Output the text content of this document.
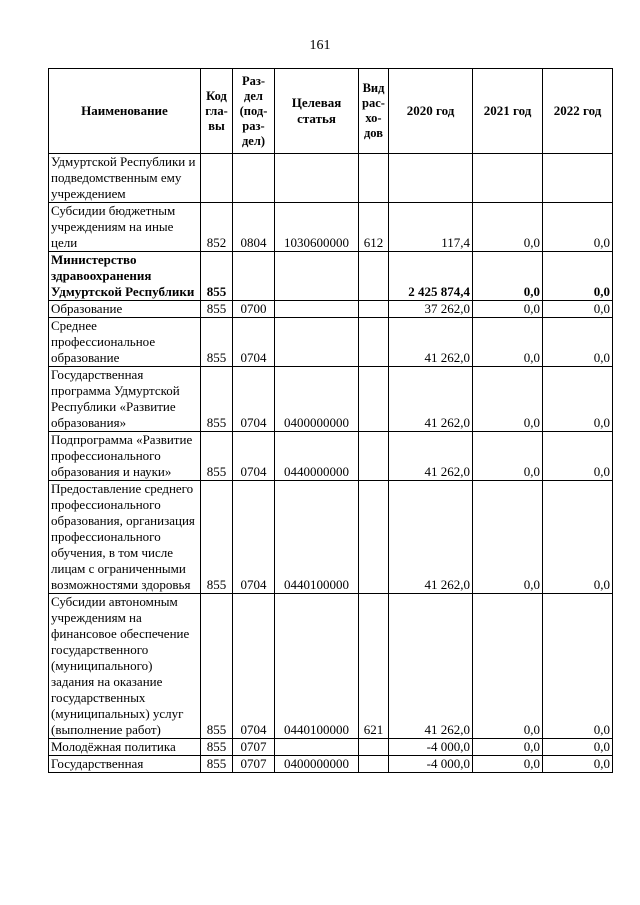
161
Наименование	Код гла-вы	Раз-дел (под-раз-дел)	Целевая статья	Вид рас-хо-дов	2020 год	2021 год	2022 год
Удмуртской Республики и подведомственным ему учреждением							
Субсидии бюджетным учреждениям на иные цели	852	0804	1030600000	612	117,4	0,0	0,0
Министерство здравоохранения Удмуртской Республики	855				2 425 874,4	0,0	0,0
Образование	855	0700			37 262,0	0,0	0,0
Среднее профессиональное образование	855	0704			41 262,0	0,0	0,0
Государственная программа Удмуртской Республики «Развитие образования»	855	0704	0400000000		41 262,0	0,0	0,0
Подпрограмма «Развитие профессионального образования и науки»	855	0704	0440000000		41 262,0	0,0	0,0
Предоставление среднего профессионального образования, организация профессионального обучения, в том числе лицам с ограниченными возможностями здоровья	855	0704	0440100000		41 262,0	0,0	0,0
Субсидии автономным учреждениям на финансовое обеспечение государственного (муниципального) задания на оказание государственных (муниципальных) услуг (выполнение работ)	855	0704	0440100000	621	41 262,0	0,0	0,0
Молодёжная политика	855	0707			-4 000,0	0,0	0,0
Государственная	855	0707	0400000000		-4 000,0	0,0	0,0
